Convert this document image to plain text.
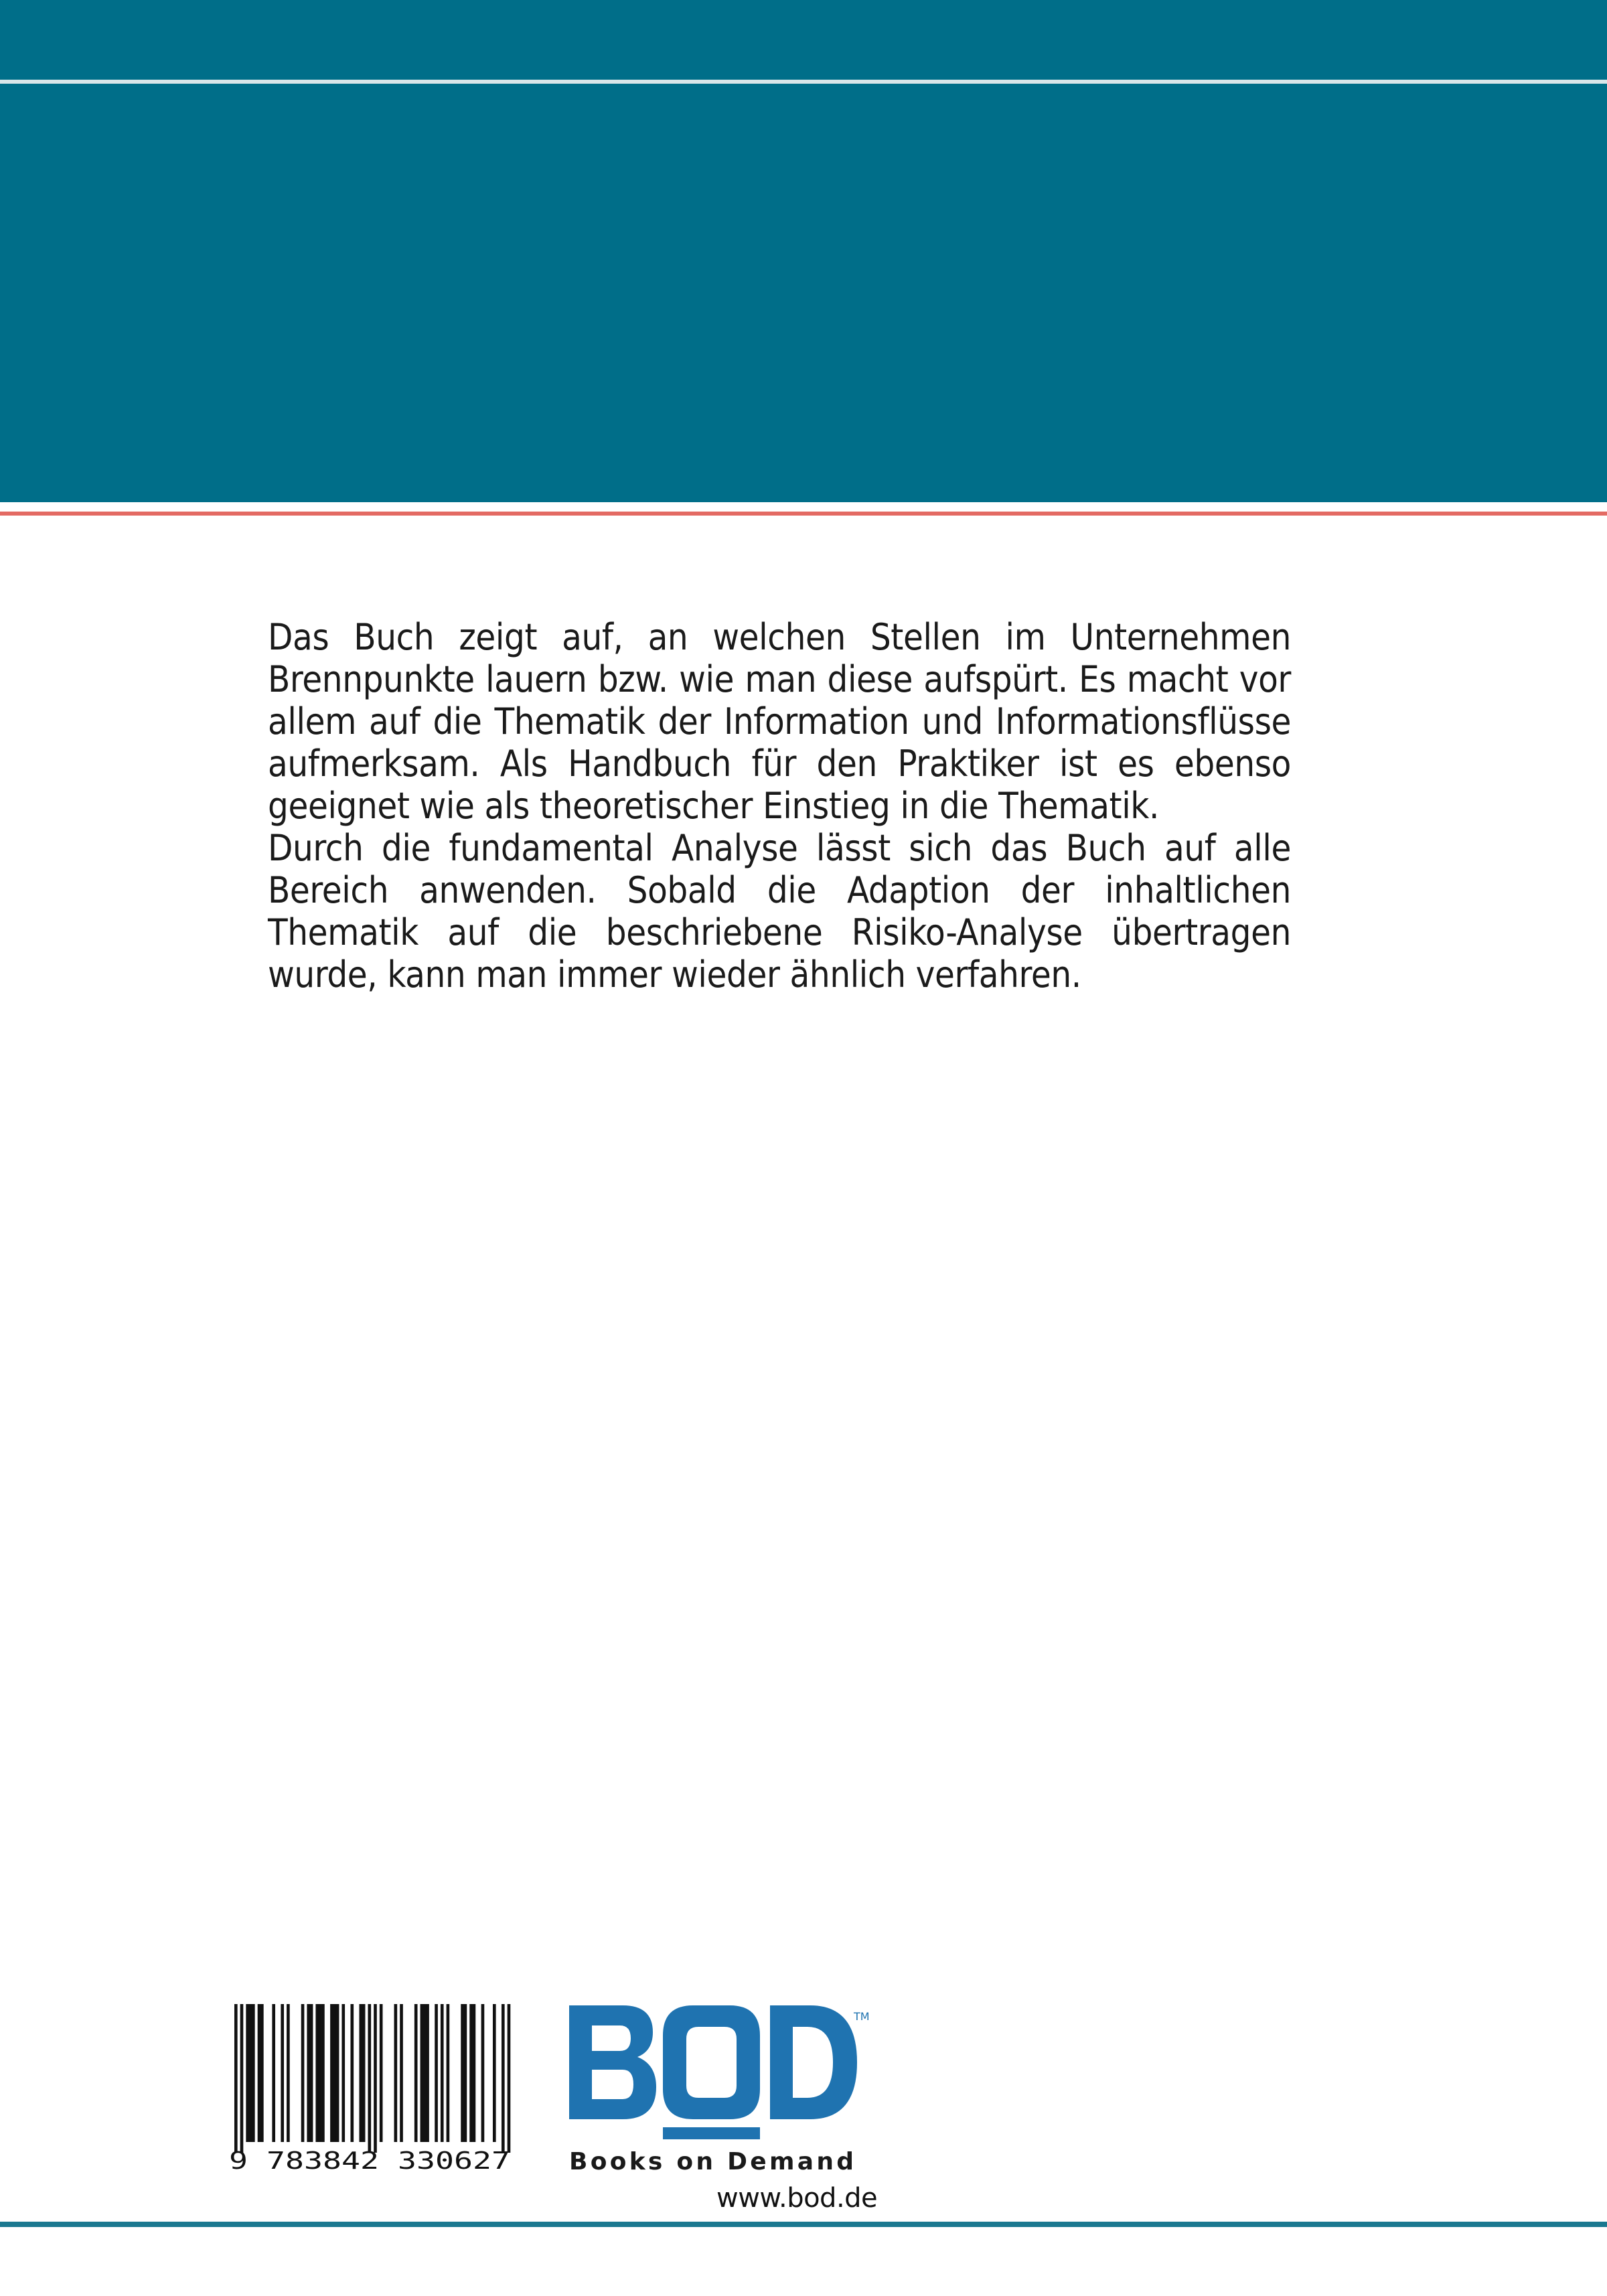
Das Buch zeigt auf, an welchen Stellen im Unternehmen Brennpunkte lauern bzw. wie man diese aufspürt. Es macht vor allem auf die Thematik der Information und Informationsflüsse aufmerksam. Als Handbuch für den Praktiker ist es ebenso geeignet wie als theoretischer Einstieg in die Thematik.

Durch die fundamental Analyse lässt sich das Buch auf alle Bereich anwenden. Sobald die Adaption der inhaltlichen Thematik auf die beschriebene Risiko-Analyse übertragen wurde, kann man immer wieder ähnlich verfahren.

9 783842 330627
TM
Books on Demand
www.bod.de
